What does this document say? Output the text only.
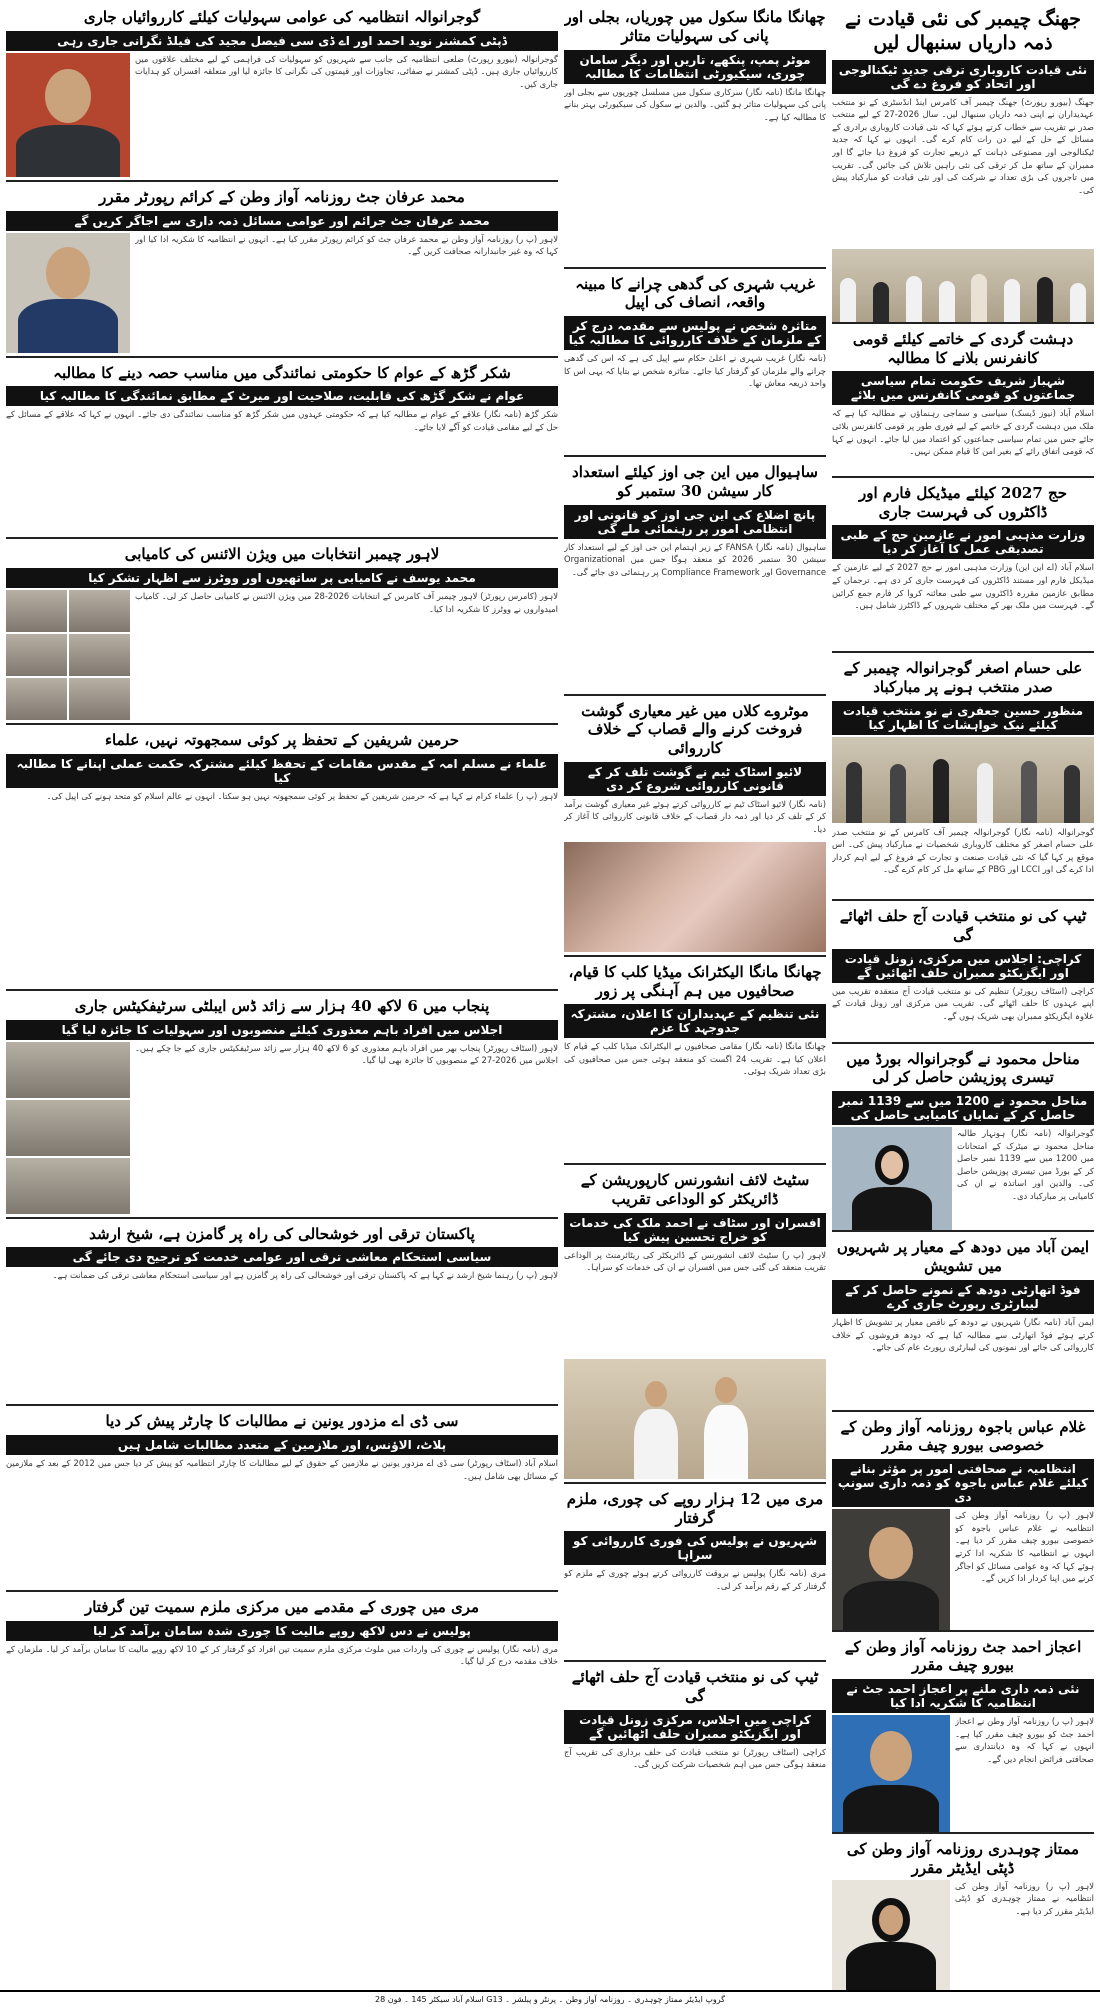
جھنگ چیمبر کی نئی قیادت نے ذمہ داریاں سنبھال لیں
نئی قیادت کاروباری ترقی جدید ٹیکنالوجی اور اتحاد کو فروغ دے گی
جھنگ (بیورو رپورٹ) جھنگ چیمبر آف کامرس اینڈ انڈسٹری کے نو منتخب عہدیداران نے اپنی ذمہ داریاں سنبھال لیں۔ سال 2026-27 کے لیے منتخب صدر نے تقریب سے خطاب کرتے ہوئے کہا کہ نئی قیادت کاروباری برادری کے مسائل کے حل کے لیے دن رات کام کرے گی۔ انہوں نے کہا کہ جدید ٹیکنالوجی اور مصنوعی ذہانت کے ذریعے تجارت کو فروغ دیا جائے گا اور ممبران کے ساتھ مل کر ترقی کی نئی راہیں تلاش کی جائیں گی۔ تقریب میں تاجروں کی بڑی تعداد نے شرکت کی اور نئی قیادت کو مبارکباد پیش کی۔
دہشت گردی کے خاتمے کیلئے قومی کانفرنس بلانے کا مطالبہ
شہباز شریف حکومت تمام سیاسی جماعتوں کو قومی کانفرنس میں بلائے
اسلام آباد (نیوز ڈیسک) سیاسی و سماجی رہنماؤں نے مطالبہ کیا ہے کہ ملک میں دہشت گردی کے خاتمے کے لیے فوری طور پر قومی کانفرنس بلائی جائے جس میں تمام سیاسی جماعتوں کو اعتماد میں لیا جائے۔ انہوں نے کہا کہ قومی اتفاق رائے کے بغیر امن کا قیام ممکن نہیں۔
حج 2027 کیلئے میڈیکل فارم اور ڈاکٹروں کی فہرست جاری
وزارت مذہبی امور نے عازمین حج کے طبی تصدیقی عمل کا آغاز کر دیا
اسلام آباد (اے این این) وزارت مذہبی امور نے حج 2027 کے لیے عازمین کے میڈیکل فارم اور مستند ڈاکٹروں کی فہرست جاری کر دی ہے۔ ترجمان کے مطابق عازمین مقررہ ڈاکٹروں سے طبی معائنہ کروا کر فارم جمع کرائیں گے۔ فہرست میں ملک بھر کے مختلف شہروں کے ڈاکٹرز شامل ہیں۔
علی حسام اصغر گوجرانوالہ چیمبر کے صدر منتخب ہونے پر مبارکباد
منظور حسین جعفری نے نو منتخب قیادت کیلئے نیک خواہشات کا اظہار کیا
گوجرانوالہ (نامہ نگار) گوجرانوالہ چیمبر آف کامرس کے نو منتخب صدر علی حسام اصغر کو مختلف کاروباری شخصیات نے مبارکباد پیش کی۔ اس موقع پر کہا گیا کہ نئی قیادت صنعت و تجارت کے فروغ کے لیے اہم کردار ادا کرے گی اور LCCI اور PBG کے ساتھ مل کر کام کرے گی۔
ٹیپ کی نو منتخب قیادت آج حلف اٹھائے گی
کراچی: اجلاس میں مرکزی، زونل قیادت اور ایگزیکٹو ممبران حلف اٹھائیں گے
کراچی (اسٹاف رپورٹر) تنظیم کی نو منتخب قیادت آج منعقدہ تقریب میں اپنے عہدوں کا حلف اٹھائے گی۔ تقریب میں مرکزی اور زونل قیادت کے علاوہ ایگزیکٹو ممبران بھی شریک ہوں گے۔
مناحل محمود نے گوجرانوالہ بورڈ میں تیسری پوزیشن حاصل کر لی
مناحل محمود نے 1200 میں سے 1139 نمبر حاصل کر کے نمایاں کامیابی حاصل کی
گوجرانوالہ (نامہ نگار) ہونہار طالبہ مناحل محمود نے میٹرک کے امتحانات میں 1200 میں سے 1139 نمبر حاصل کر کے بورڈ میں تیسری پوزیشن حاصل کی۔ والدین اور اساتذہ نے ان کی کامیابی پر مبارکباد دی۔
ایمن آباد میں دودھ کے معیار پر شہریوں میں تشویش
فوڈ اتھارٹی دودھ کے نمونے حاصل کر کے لیبارٹری رپورٹ جاری کرے
ایمن آباد (نامہ نگار) شہریوں نے دودھ کے ناقص معیار پر تشویش کا اظہار کرتے ہوئے فوڈ اتھارٹی سے مطالبہ کیا ہے کہ دودھ فروشوں کے خلاف کارروائی کی جائے اور نمونوں کی لیبارٹری رپورٹ عام کی جائے۔
غلام عباس باجوہ روزنامہ آواز وطن کے خصوصی بیورو چیف مقرر
انتظامیہ نے صحافتی امور پر مؤثر بنانے کیلئے غلام عباس باجوہ کو ذمہ داری سونپ دی
لاہور (پ ر) روزنامہ آواز وطن کی انتظامیہ نے غلام عباس باجوہ کو خصوصی بیورو چیف مقرر کر دیا ہے۔ انہوں نے انتظامیہ کا شکریہ ادا کرتے ہوئے کہا کہ وہ عوامی مسائل کو اجاگر کرنے میں اپنا کردار ادا کریں گے۔
اعجاز احمد جٹ روزنامہ آواز وطن کے بیورو چیف مقرر
نئی ذمہ داری ملنے پر اعجاز احمد جٹ نے انتظامیہ کا شکریہ ادا کیا
لاہور (پ ر) روزنامہ آواز وطن نے اعجاز احمد جٹ کو بیورو چیف مقرر کیا ہے۔ انہوں نے کہا کہ وہ دیانتداری سے صحافتی فرائض انجام دیں گے۔
ممتاز چوہدری روزنامہ آواز وطن کی ڈپٹی ایڈیٹر مقرر
لاہور (پ ر) روزنامہ آواز وطن کی انتظامیہ نے ممتاز چوہدری کو ڈپٹی ایڈیٹر مقرر کر دیا ہے۔
چھانگا مانگا سکول میں چوریاں، بجلی اور پانی کی سہولیات متاثر
موٹر پمپ، پنکھے، تاریں اور دیگر سامان چوری، سیکیورٹی انتظامات کا مطالبہ
چھانگا مانگا (نامہ نگار) سرکاری سکول میں مسلسل چوریوں سے بجلی اور پانی کی سہولیات متاثر ہو گئیں۔ والدین نے سکول کی سیکیورٹی بہتر بنانے کا مطالبہ کیا ہے۔
غریب شہری کی گدھی چرانے کا مبینہ واقعہ، انصاف کی اپیل
متاثرہ شخص نے پولیس سے مقدمہ درج کر کے ملزمان کے خلاف کارروائی کا مطالبہ کیا
(نامہ نگار) غریب شہری نے اعلیٰ حکام سے اپیل کی ہے کہ اس کی گدھی چرانے والے ملزمان کو گرفتار کیا جائے۔ متاثرہ شخص نے بتایا کہ یہی اس کا واحد ذریعہ معاش تھا۔
ساہیوال میں این جی اوز کیلئے استعداد کار سیشن 30 ستمبر کو
پانچ اضلاع کی این جی اوز کو قانونی اور انتظامی امور پر رہنمائی ملے گی
ساہیوال (نامہ نگار) FANSA کے زیر اہتمام این جی اوز کے لیے استعداد کار سیشن 30 ستمبر 2026 کو منعقد ہوگا جس میں Organizational Governance اور Compliance Framework پر رہنمائی دی جائے گی۔
موٹروے کلاں میں غیر معیاری گوشت فروخت کرنے والے قصاب کے خلاف کارروائی
لائیو اسٹاک ٹیم نے گوشت تلف کر کے قانونی کارروائی شروع کر دی
(نامہ نگار) لائیو اسٹاک ٹیم نے کارروائی کرتے ہوئے غیر معیاری گوشت برآمد کر کے تلف کر دیا اور ذمہ دار قصاب کے خلاف قانونی کارروائی کا آغاز کر دیا۔
چھانگا مانگا الیکٹرانک میڈیا کلب کا قیام، صحافیوں میں ہم آہنگی پر زور
نئی تنظیم کے عہدیداران کا اعلان، مشترکہ جدوجہد کا عزم
چھانگا مانگا (نامہ نگار) مقامی صحافیوں نے الیکٹرانک میڈیا کلب کے قیام کا اعلان کیا ہے۔ تقریب 24 اگست کو منعقد ہوئی جس میں صحافیوں کی بڑی تعداد شریک ہوئی۔
سٹیٹ لائف انشورنس کارپوریشن کے ڈائریکٹر کو الوداعی تقریب
افسران اور سٹاف نے احمد ملک کی خدمات کو خراج تحسین پیش کیا
لاہور (پ ر) سٹیٹ لائف انشورنس کے ڈائریکٹر کی ریٹائرمنٹ پر الوداعی تقریب منعقد کی گئی جس میں افسران نے ان کی خدمات کو سراہا۔
مری میں 12 ہزار روپے کی چوری، ملزم گرفتار
شہریوں نے پولیس کی فوری کارروائی کو سراہا
مری (نامہ نگار) پولیس نے بروقت کارروائی کرتے ہوئے چوری کے ملزم کو گرفتار کر کے رقم برآمد کر لی۔
ٹیپ کی نو منتخب قیادت آج حلف اٹھائے گی
کراچی میں اجلاس، مرکزی زونل قیادت اور ایگزیکٹو ممبران حلف اٹھائیں گے
کراچی (اسٹاف رپورٹر) نو منتخب قیادت کی حلف برداری کی تقریب آج منعقد ہوگی جس میں اہم شخصیات شرکت کریں گی۔
گوجرانوالہ انتظامیہ کی عوامی سہولیات کیلئے کارروائیاں جاری
ڈپٹی کمشنر نوید احمد اور اے ڈی سی فیصل مجید کی فیلڈ نگرانی جاری رہی
گوجرانوالہ (بیورو رپورٹ) ضلعی انتظامیہ کی جانب سے شہریوں کو سہولیات کی فراہمی کے لیے مختلف علاقوں میں کارروائیاں جاری ہیں۔ ڈپٹی کمشنر نے صفائی، تجاوزات اور قیمتوں کی نگرانی کا جائزہ لیا اور متعلقہ افسران کو ہدایات جاری کیں۔
محمد عرفان جٹ روزنامہ آواز وطن کے کرائم رپورٹر مقرر
محمد عرفان جٹ جرائم اور عوامی مسائل ذمہ داری سے اجاگر کریں گے
لاہور (پ ر) روزنامہ آواز وطن نے محمد عرفان جٹ کو کرائم رپورٹر مقرر کیا ہے۔ انہوں نے انتظامیہ کا شکریہ ادا کیا اور کہا کہ وہ غیر جانبدارانہ صحافت کریں گے۔
شکر گڑھ کے عوام کا حکومتی نمائندگی میں مناسب حصہ دینے کا مطالبہ
عوام نے شکر گڑھ کی قابلیت، صلاحیت اور میرٹ کے مطابق نمائندگی کا مطالبہ کیا
شکر گڑھ (نامہ نگار) علاقے کے عوام نے مطالبہ کیا ہے کہ حکومتی عہدوں میں شکر گڑھ کو مناسب نمائندگی دی جائے۔ انہوں نے کہا کہ علاقے کے مسائل کے حل کے لیے مقامی قیادت کو آگے لایا جائے۔
لاہور چیمبر انتخابات میں ویژن الائنس کی کامیابی
محمد یوسف نے کامیابی پر ساتھیوں اور ووٹرز سے اظہار تشکر کیا
لاہور (کامرس رپورٹر) لاہور چیمبر آف کامرس کے انتخابات 2026-28 میں ویژن الائنس نے کامیابی حاصل کر لی۔ کامیاب امیدواروں نے ووٹرز کا شکریہ ادا کیا۔
حرمین شریفین کے تحفظ پر کوئی سمجھوتہ نہیں، علماء
علماء نے مسلم امہ کے مقدس مقامات کے تحفظ کیلئے مشترکہ حکمت عملی اپنانے کا مطالبہ کیا
لاہور (پ ر) علماء کرام نے کہا ہے کہ حرمین شریفین کے تحفظ پر کوئی سمجھوتہ نہیں ہو سکتا۔ انہوں نے عالم اسلام کو متحد ہونے کی اپیل کی۔
پنجاب میں 6 لاکھ 40 ہزار سے زائد ڈس ایبلٹی سرٹیفکیٹس جاری
اجلاس میں افراد باہم معذوری کیلئے منصوبوں اور سہولیات کا جائزہ لیا گیا
لاہور (اسٹاف رپورٹر) پنجاب بھر میں افراد باہم معذوری کو 6 لاکھ 40 ہزار سے زائد سرٹیفکیٹس جاری کیے جا چکے ہیں۔ اجلاس میں 2026-27 کے منصوبوں کا جائزہ بھی لیا گیا۔
پاکستان ترقی اور خوشحالی کی راہ پر گامزن ہے، شیخ ارشد
سیاسی استحکام معاشی ترقی اور عوامی خدمت کو ترجیح دی جائے گی
لاہور (پ ر) رہنما شیخ ارشد نے کہا ہے کہ پاکستان ترقی اور خوشحالی کی راہ پر گامزن ہے اور سیاسی استحکام معاشی ترقی کی ضمانت ہے۔
سی ڈی اے مزدور یونین نے مطالبات کا چارٹر پیش کر دیا
پلاٹ، الاؤنس، اور ملازمین کے متعدد مطالبات شامل ہیں
اسلام آباد (اسٹاف رپورٹر) سی ڈی اے مزدور یونین نے ملازمین کے حقوق کے لیے مطالبات کا چارٹر انتظامیہ کو پیش کر دیا جس میں 2012 کے بعد کے ملازمین کے مسائل بھی شامل ہیں۔
مری میں چوری کے مقدمے میں مرکزی ملزم سمیت تین گرفتار
پولیس نے دس لاکھ روپے مالیت کا چوری شدہ سامان برآمد کر لیا
مری (نامہ نگار) پولیس نے چوری کی واردات میں ملوث مرکزی ملزم سمیت تین افراد کو گرفتار کر کے 10 لاکھ روپے مالیت کا سامان برآمد کر لیا۔ ملزمان کے خلاف مقدمہ درج کر لیا گیا۔
گروپ ایڈیٹر ممتاز چوہدری ۔ روزنامہ آواز وطن ۔ پرنٹر و پبلشر ۔ G13 اسلام آباد سیکٹر 145 ۔ فون 28
